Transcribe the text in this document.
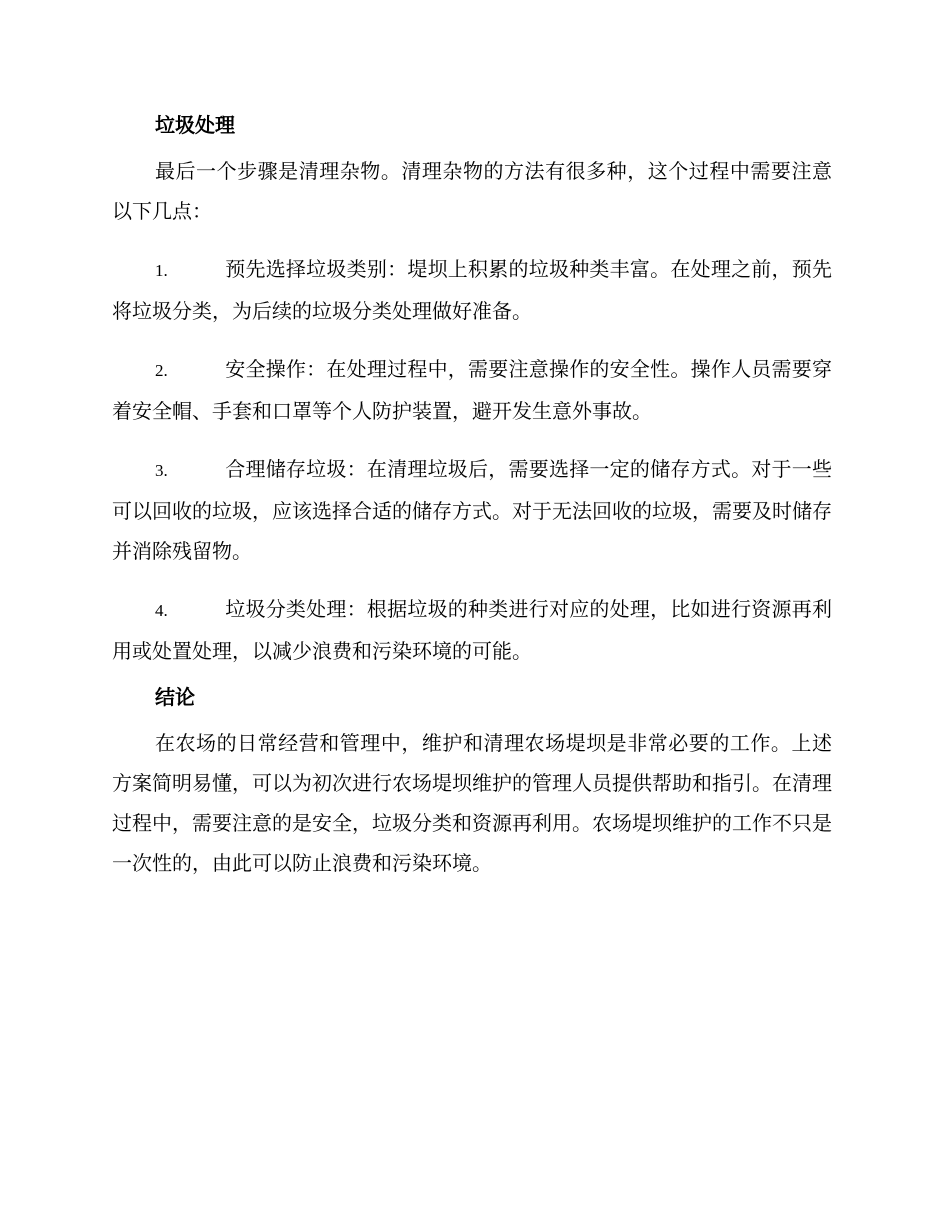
垃圾处理

最后一个步骤是清理杂物。清理杂物的方法有很多种，这个过程中需要注意以下几点：

1.	预先选择垃圾类别：堤坝上积累的垃圾种类丰富。在处理之前，预先将垃圾分类，为后续的垃圾分类处理做好准备。
2.	安全操作：在处理过程中，需要注意操作的安全性。操作人员需要穿着安全帽、手套和口罩等个人防护装置，避开发生意外事故。
3.	合理储存垃圾：在清理垃圾后，需要选择一定的储存方式。对于一些可以回收的垃圾，应该选择合适的储存方式。对于无法回收的垃圾，需要及时储存并消除残留物。
4.	垃圾分类处理：根据垃圾的种类进行对应的处理，比如进行资源再利用或处置处理，以减少浪费和污染环境的可能。
结论

在农场的日常经营和管理中，维护和清理农场堤坝是非常必要的工作。上述方案简明易懂，可以为初次进行农场堤坝维护的管理人员提供帮助和指引。在清理过程中，需要注意的是安全，垃圾分类和资源再利用。农场堤坝维护的工作不只是一次性的，由此可以防止浪费和污染环境。
